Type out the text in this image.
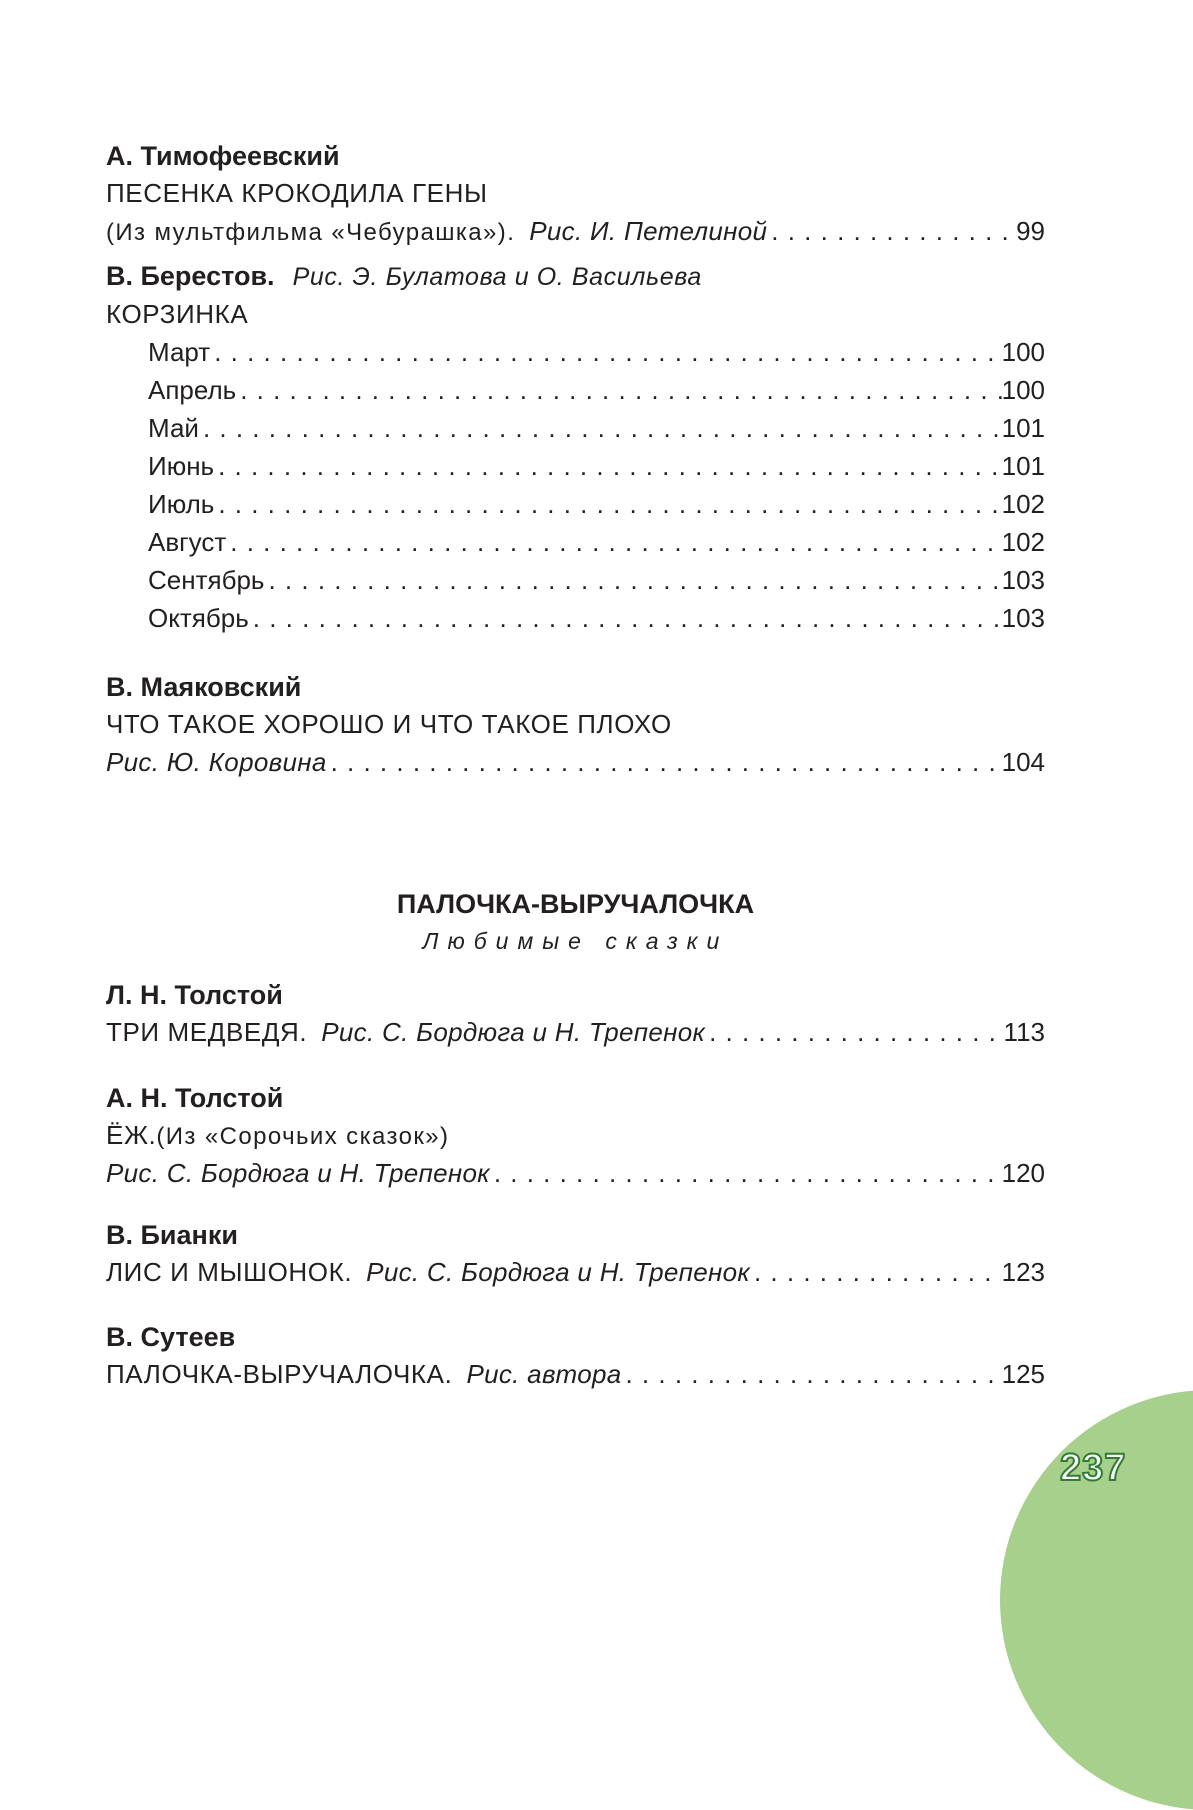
А. Тимофеевский
ПЕСЕНКА КРОКОДИЛА ГЕНЫ
(Из мультфильма «Чебурашка»). Рис. И. Петелиной . . .	99
В. Берестов. Рис. Э. Булатова и О. Васильева
КОРЗИНКА
Март . . .	100
Апрель . . .	100
Май . . .	101
Июнь . . .	101
Июль . . .	102
Август . . .	102
Сентябрь . . .	103
Октябрь . . .	103
В. Маяковский
ЧТО ТАКОЕ ХОРОШО И ЧТО ТАКОЕ ПЛОХО
Рис. Ю. Коровина . . .	104
ПАЛОЧКА-ВЫРУЧАЛОЧКА
Любимые сказки
Л. Н. Толстой
ТРИ МЕДВЕДЯ. Рис. С. Бордюга и Н. Трепенок . . .	113
А. Н. Толстой
ЁЖ. (Из «Сорочьих сказок»)
Рис. С. Бордюга и Н. Трепенок . . .	120
В. Бианки
ЛИС И МЫШОНОК. Рис. С. Бордюга и Н. Трепенок . . .	123
В. Сутеев
ПАЛОЧКА-ВЫРУЧАЛОЧКА. Рис. автора . . .	125
237
